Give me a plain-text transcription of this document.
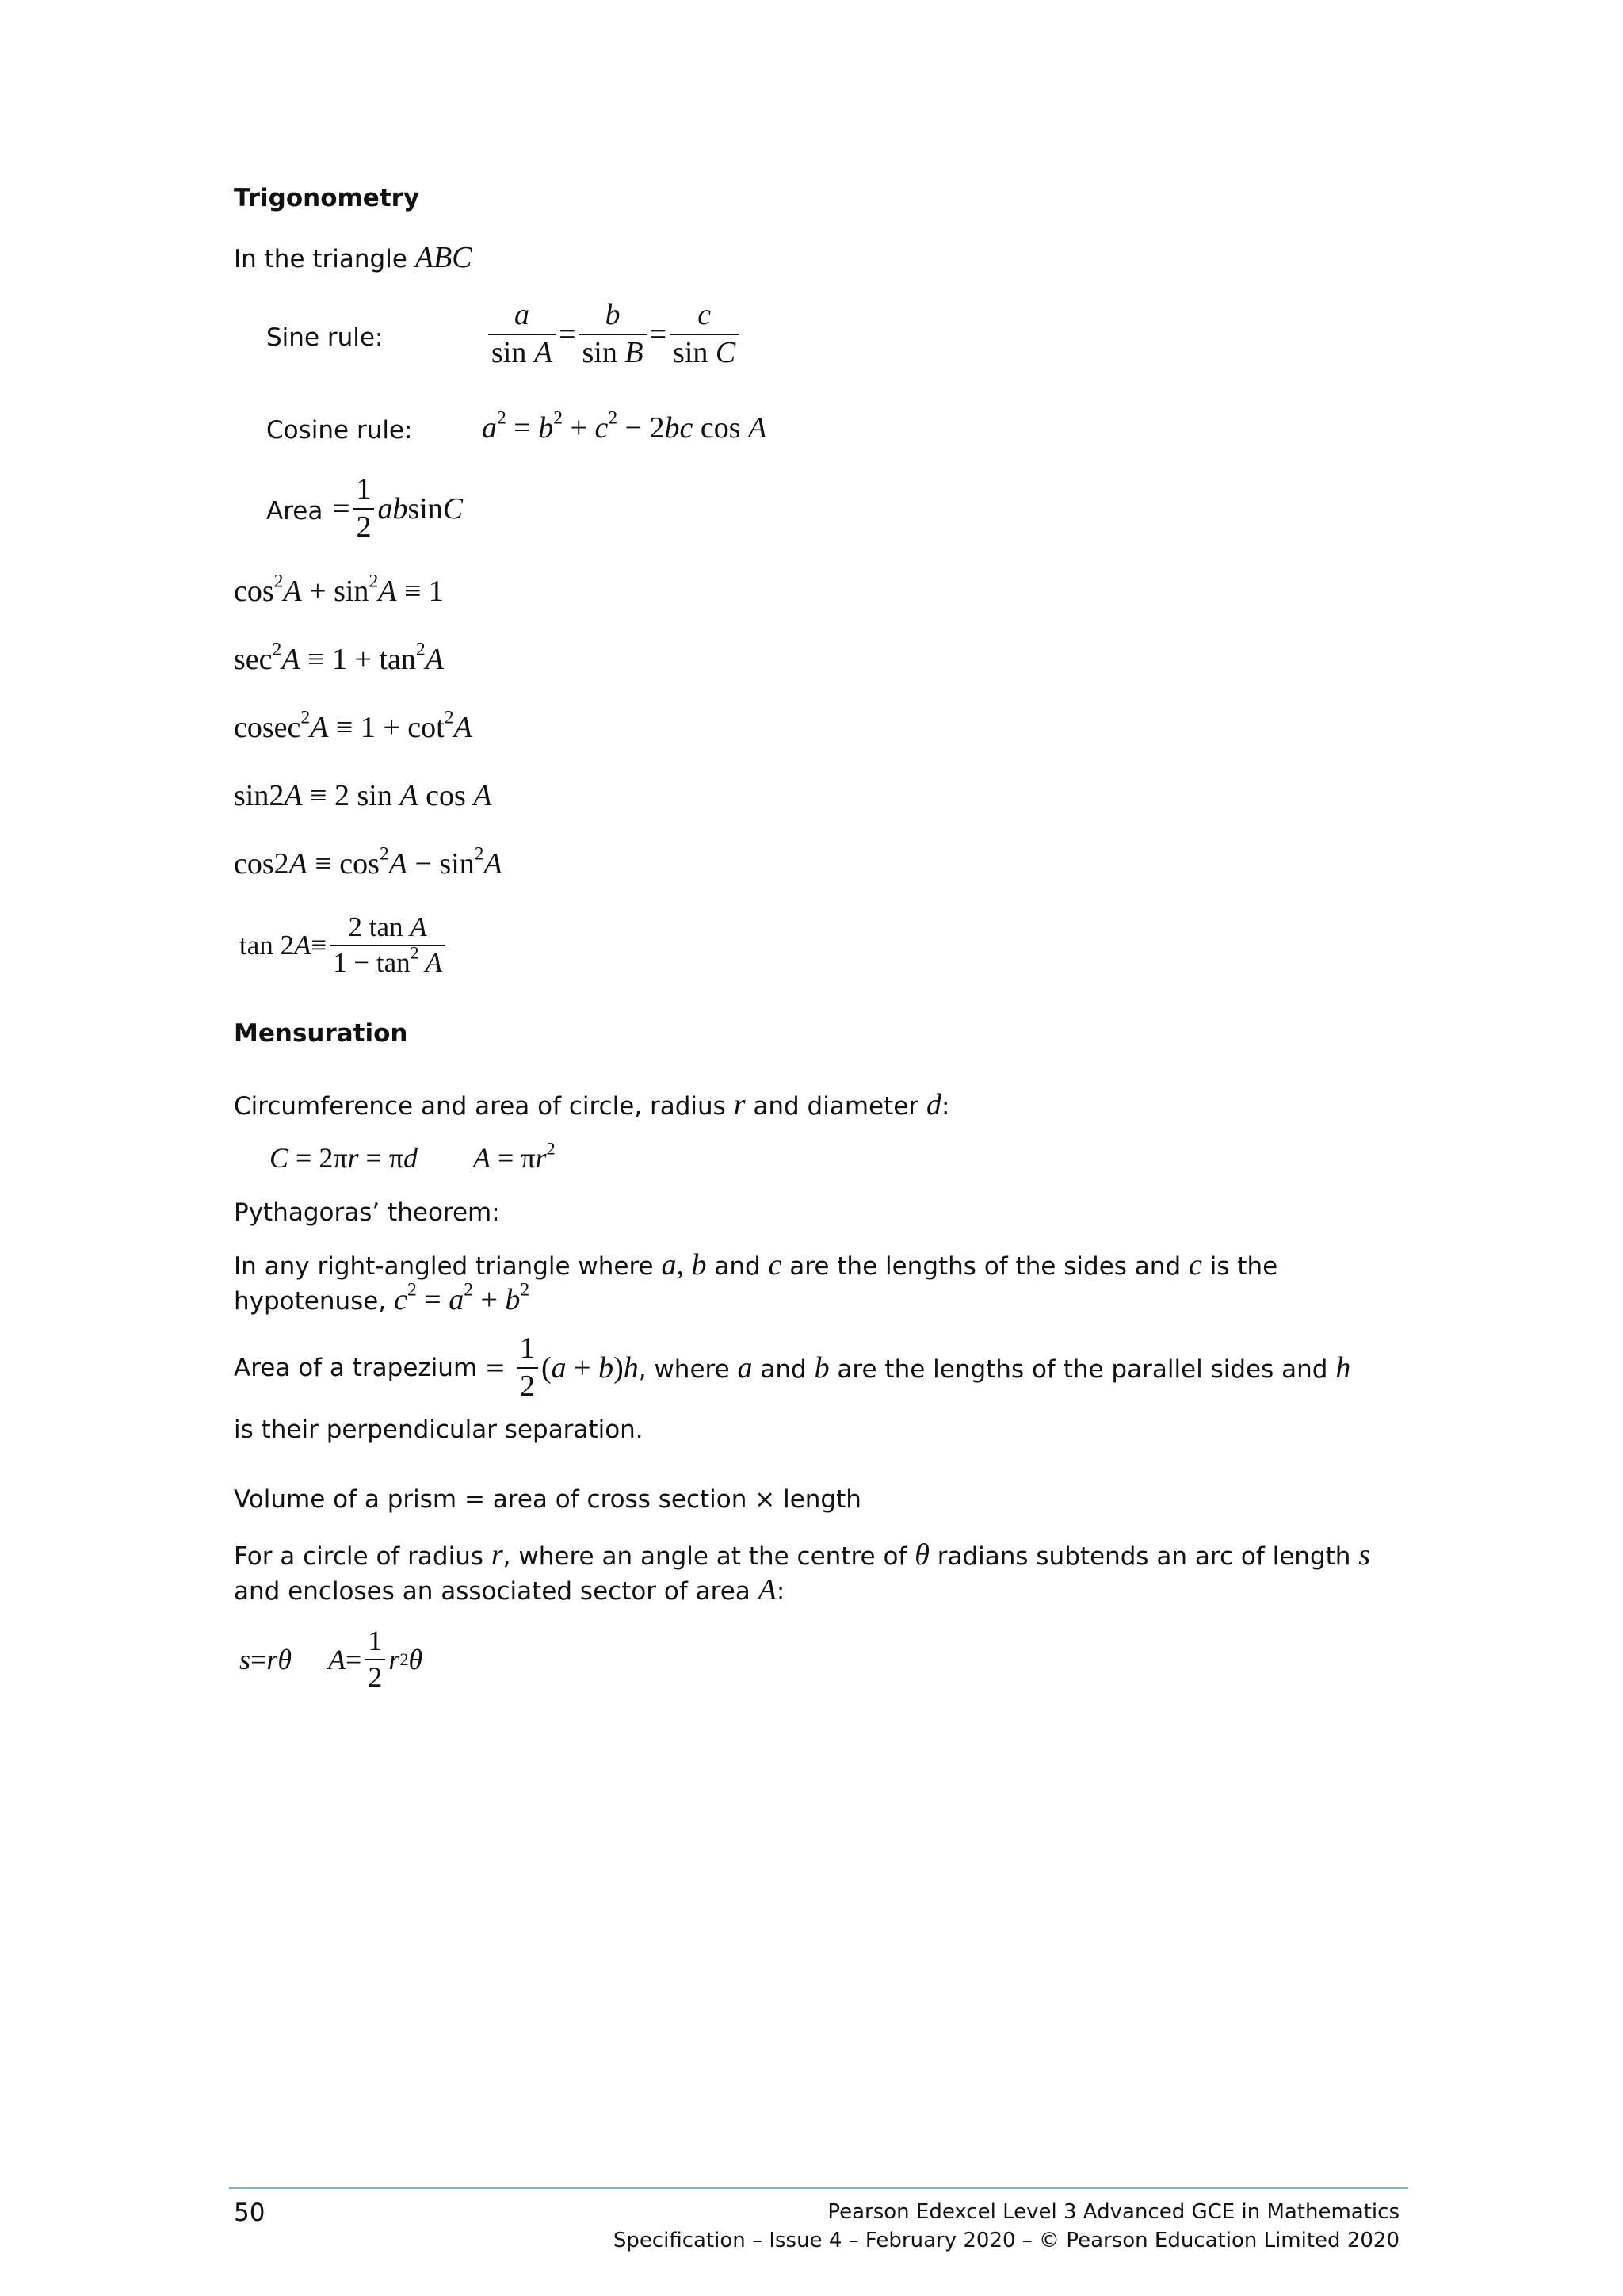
Trigonometry
In the triangle ABC
Sine rule:	$\frac{a}{\text{sin A}} = \frac{b}{\text{sin B}} = \frac{c}{\text{sin C}}$
Cosine rule: $a^2 = b^2 + c^2 - 2bc$ cos A
Area = $\frac{1}{2}$ ab sin C
$\cos^2A + \sin^2A \equiv 1$
$\sec^2A \equiv 1 + \tan^2A$
$cosec^2A \equiv 1 + \cot^2A$
sin2A ≡ 2 sin A cos A
$\cos 2A \equiv \cos^2A - \sin^2A$
tan 2 $A \equiv \frac{\text{2 tan A}}{1 - \tan^2 A}$
Mensuration
Circumference and area of circle, radius r and diameter d:
C = 2πr = πd $A = \pi r^2$
Pythagoras’ theorem:
In any right-angled triangle where a, b and c are the lengths of the sides and c is the
hypotenuse, $c^2 = a^2 + b^2$
Area of a trapezium = $\frac{1}{2} (a + b)h$ , where a and b are the lengths of the parallel sides and h
is their perpendicular separation.
Volume of a prism = area of cross section × length
For a circle of radius r, where an angle at the centre of θ radians subtends an arc of length s
and encloses an associated sector of area A:
s = r θ $A = \frac{1}{2}$ r 2 θ
50	Pearson Edexcel Level 3 Advanced GCE in Mathematics
Specification – Issue 4 – February 2020 – © Pearson Education Limited 2020
